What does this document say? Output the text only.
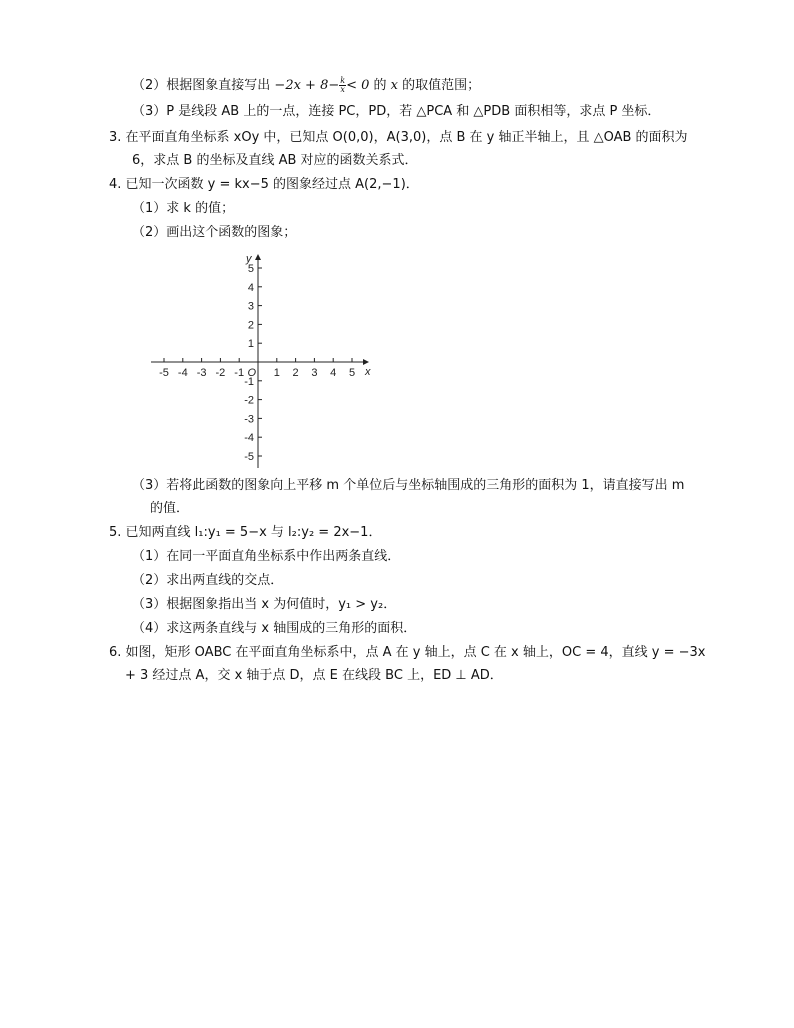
（2）根据图象直接写出 $-2x + 8- \frac{k}{x} < 0$ 的 x 的取值范围；
（3）P 是线段 AB 上的一点，连接 PC，PD，若 △PCA 和 △PDB 面积相等，求点 P 坐标．
3. 在平面直角坐标系 xOy 中，已知点 O(0,0)，A(3,0)，点 B 在 y 轴正半轴上，且 △OAB 的面积为
6，求点 B 的坐标及直线 AB 对应的函数关系式．
4. 已知一次函数 y = kx−5 的图象经过点 A(2,−1)．
（1）求 k 的值；
（2）画出这个函数的图象；
-5 -4 -3 -2 -1	1 2 3 4 5
5
4
3
2
1
-1
-2
-3
-4
-5
O	x
y
（3）若将此函数的图象向上平移 m 个单位后与坐标轴围成的三角形的面积为 1，请直接写出 m
的值．
5. 已知两直线 l₁:y₁ = 5−x 与 l₂:y₂ = 2x−1．
（1）在同一平面直角坐标系中作出两条直线．
（2）求出两直线的交点．
（3）根据图象指出当 x 为何值时，y₁ > y₂．
（4）求这两条直线与 x 轴围成的三角形的面积．
6. 如图，矩形 OABC 在平面直角坐标系中，点 A 在 y 轴上，点 C 在 x 轴上，OC = 4，直线 y = −3x
+ 3 经过点 A，交 x 轴于点 D，点 E 在线段 BC 上，ED ⊥ AD．
